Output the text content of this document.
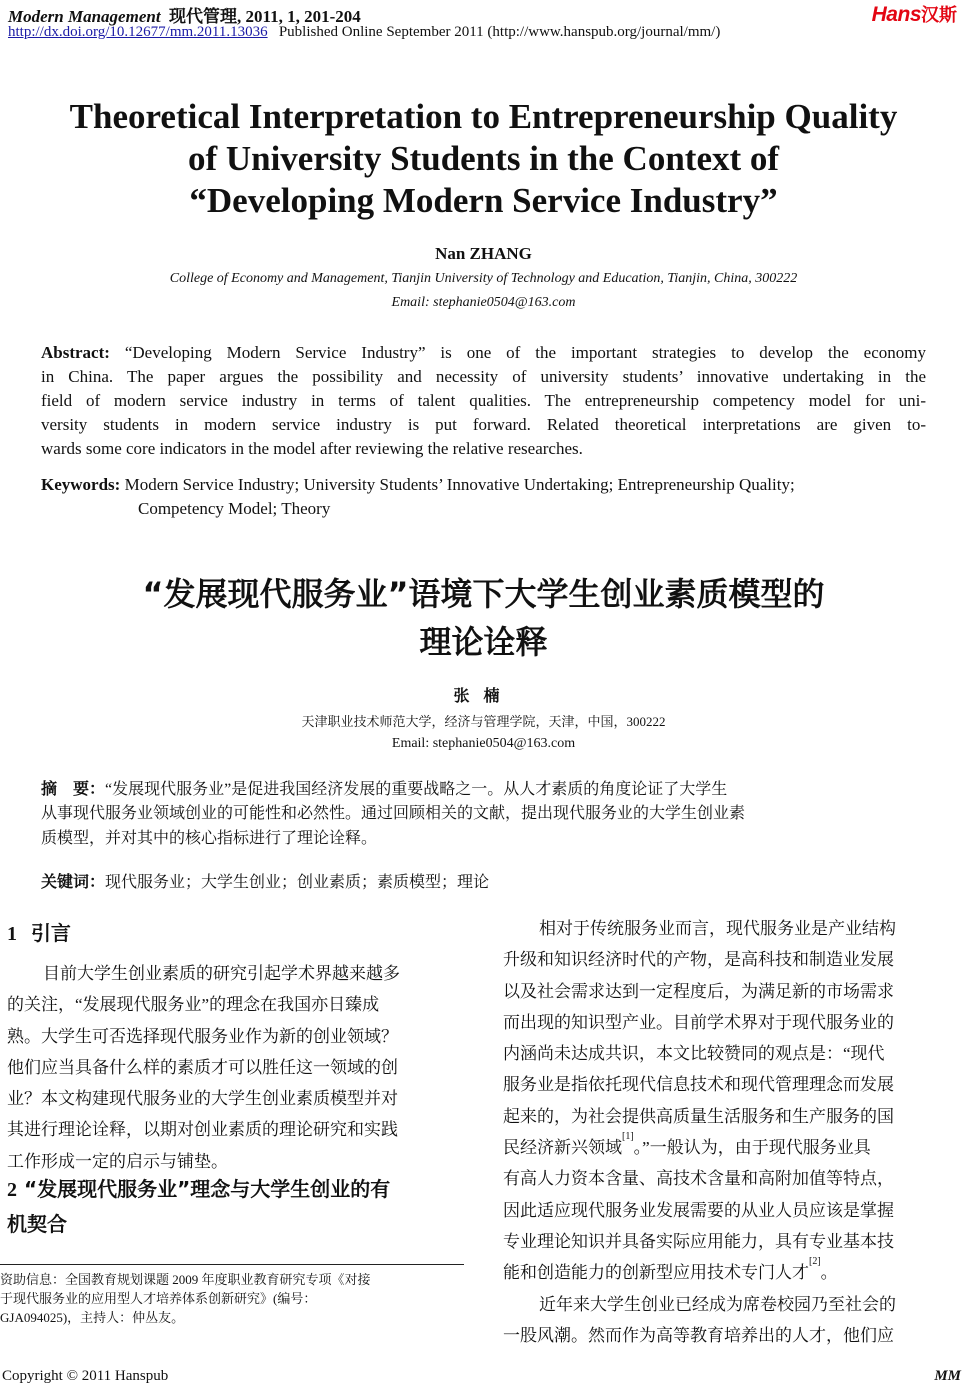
Modern Management 现代管理, 2011, 1, 201-204
http://dx.doi.org/10.12677/mm.2011.13036 Published Online September 2011 (http://www.hanspub.org/journal/mm/)
Hans汉斯
Theoretical Interpretation to Entrepreneurship Quality
of University Students in the Context of
“Developing Modern Service Industry”
Nan ZHANG
College of Economy and Management, Tianjin University of Technology and Education, Tianjin, China, 300222
Email: stephanie0504@163.com
Abstract: “Developing Modern Service Industry” is one of the important strategies to develop the economy
in China. The paper argues the possibility and necessity of university students’ innovative undertaking in the
field of modern service industry in terms of talent qualities. The entrepreneurship competency model for uni-
versity students in modern service industry is put forward. Related theoretical interpretations are given to-
wards some core indicators in the model after reviewing the relative researches.
Keywords: Modern Service Industry; University Students’ Innovative Undertaking; Entrepreneurship Quality;
Competency Model; Theory
“发展现代服务业”语境下大学生创业素质模型的
理论诠释
张楠
天津职业技术师范大学，经济与管理学院，天津，中国，300222
Email: stephanie0504@163.com
摘　要：“发展现代服务业”是促进我国经济发展的重要战略之一。从人才素质的角度论证了大学生
从事现代服务业领域创业的可能性和必然性。通过回顾相关的文献，提出现代服务业的大学生创业素
质模型，并对其中的核心指标进行了理论诠释。
关键词：现代服务业；大学生创业；创业素质；素质模型；理论
1 引言
目前大学生创业素质的研究引起学术界越来越多
的关注，“发展现代服务业”的理念在我国亦日臻成
熟。大学生可否选择现代服务业作为新的创业领域？
他们应当具备什么样的素质才可以胜任这一领域的创
业？本文构建现代服务业的大学生创业素质模型并对
其进行理论诠释，以期对创业素质的理论研究和实践
工作形成一定的启示与铺垫。
2 “发展现代服务业”理念与大学生创业的有
机契合
相对于传统服务业而言，现代服务业是产业结构
升级和知识经济时代的产物，是高科技和制造业发展
以及社会需求达到一定程度后，为满足新的市场需求
而出现的知识型产业。目前学术界对于现代服务业的
内涵尚未达成共识，本文比较赞同的观点是：“现代
服务业是指依托现代信息技术和现代管理理念而发展
起来的，为社会提供高质量生活服务和生产服务的国
民经济新兴领域[1]。”一般认为，由于现代服务业具
有高人力资本含量、高技术含量和高附加值等特点，
因此适应现代服务业发展需要的从业人员应该是掌握
专业理论知识并具备实际应用能力，具有专业基本技
能和创造能力的创新型应用技术专门人才[2]。
近年来大学生创业已经成为席卷校园乃至社会的
一股风潮。然而作为高等教育培养出的人才，他们应
资助信息：全国教育规划课题 2009 年度职业教育研究专项《对接
于现代服务业的应用型人才培养体系创新研究》(编号：
GJA094025)，主持人：仲丛友。
Copyright © 2011 Hanspub	MM
